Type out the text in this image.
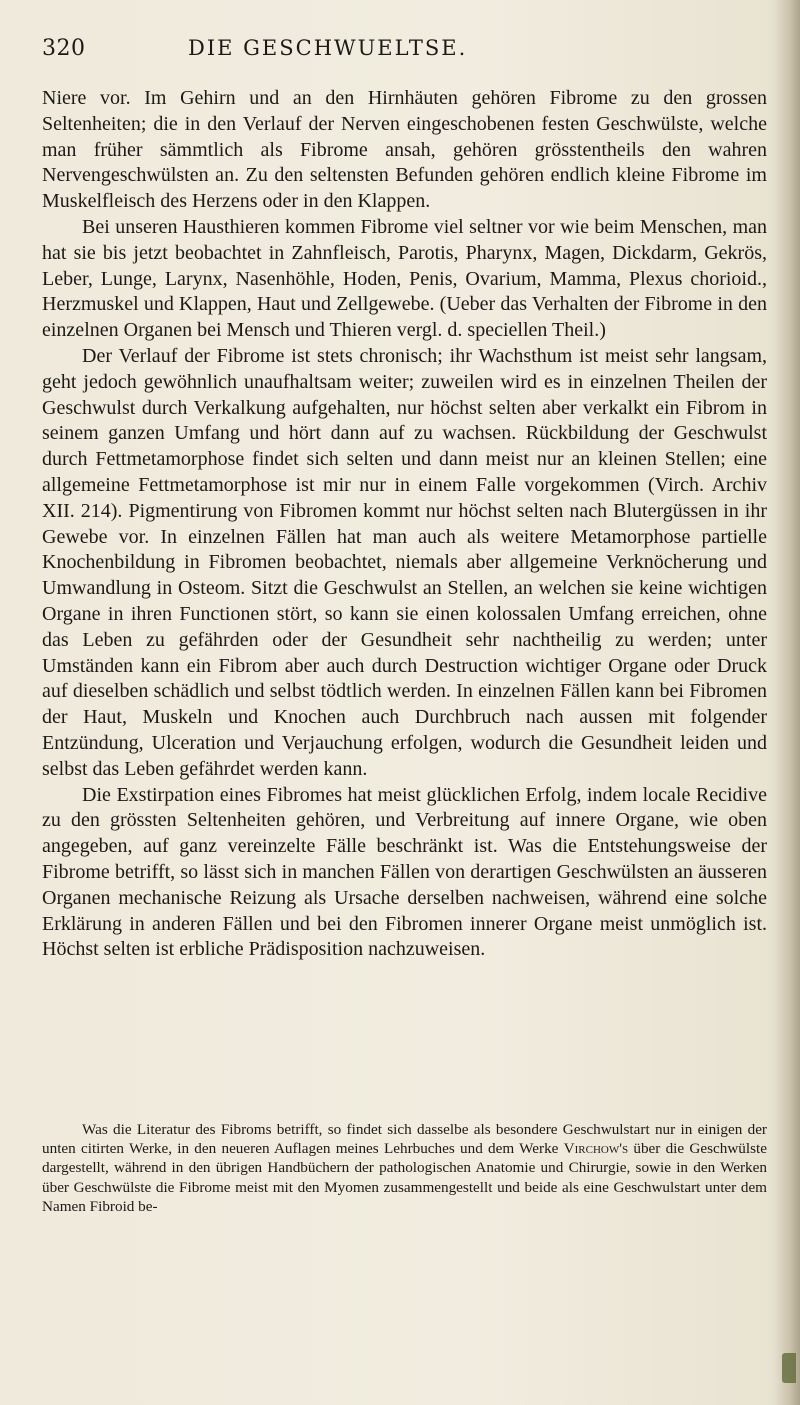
320	DIE GESCHWUELTSE.

Niere vor. Im Gehirn und an den Hirnhäuten gehören Fibrome zu den grossen Seltenheiten; die in den Verlauf der Nerven eingeschobenen festen Geschwülste, welche man früher sämmtlich als Fibrome ansah, gehören grösstentheils den wahren Nervengeschwülsten an. Zu den seltensten Befunden gehören endlich kleine Fibrome im Muskelfleisch des Herzens oder in den Klappen.

Bei unseren Hausthieren kommen Fibrome viel seltner vor wie beim Menschen, man hat sie bis jetzt beobachtet in Zahnfleisch, Parotis, Pharynx, Magen, Dickdarm, Gekrös, Leber, Lunge, Larynx, Nasenhöhle, Hoden, Penis, Ovarium, Mamma, Plexus chorioid., Herzmuskel und Klappen, Haut und Zellgewebe. (Ueber das Verhalten der Fibrome in den einzelnen Organen bei Mensch und Thieren vergl. d. speciellen Theil.)

Der Verlauf der Fibrome ist stets chronisch; ihr Wachsthum ist meist sehr langsam, geht jedoch gewöhnlich unaufhaltsam weiter; zuweilen wird es in einzelnen Theilen der Geschwulst durch Verkalkung aufgehalten, nur höchst selten aber verkalkt ein Fibrom in seinem ganzen Umfang und hört dann auf zu wachsen. Rückbildung der Geschwulst durch Fettmetamorphose findet sich selten und dann meist nur an kleinen Stellen; eine allgemeine Fettmetamorphose ist mir nur in einem Falle vorgekommen (Virch. Archiv XII. 214). Pigmentirung von Fibromen kommt nur höchst selten nach Blutergüssen in ihr Gewebe vor. In einzelnen Fällen hat man auch als weitere Metamorphose partielle Knochenbildung in Fibromen beobachtet, niemals aber allgemeine Verknöcherung und Umwandlung in Osteom. Sitzt die Geschwulst an Stellen, an welchen sie keine wichtigen Organe in ihren Functionen stört, so kann sie einen kolossalen Umfang erreichen, ohne das Leben zu gefährden oder der Gesundheit sehr nachtheilig zu werden; unter Umständen kann ein Fibrom aber auch durch Destruction wichtiger Organe oder Druck auf dieselben schädlich und selbst tödtlich werden. In einzelnen Fällen kann bei Fibromen der Haut, Muskeln und Knochen auch Durchbruch nach aussen mit folgender Entzündung, Ulceration und Verjauchung erfolgen, wodurch die Gesundheit leiden und selbst das Leben gefährdet werden kann.

Die Exstirpation eines Fibromes hat meist glücklichen Erfolg, indem locale Recidive zu den grössten Seltenheiten gehören, und Verbreitung auf innere Organe, wie oben angegeben, auf ganz vereinzelte Fälle beschränkt ist. Was die Entstehungsweise der Fibrome betrifft, so lässt sich in manchen Fällen von derartigen Geschwülsten an äusseren Organen mechanische Reizung als Ursache derselben nachweisen, während eine solche Erklärung in anderen Fällen und bei den Fibromen innerer Organe meist unmöglich ist. Höchst selten ist erbliche Prädisposition nachzuweisen.

Was die Literatur des Fibroms betrifft, so findet sich dasselbe als besondere Geschwulstart nur in einigen der unten citirten Werke, in den neueren Auflagen meines Lehrbuches und dem Werke Virchow's über die Geschwülste dargestellt, während in den übrigen Handbüchern der pathologischen Anatomie und Chirurgie, sowie in den Werken über Geschwülste die Fibrome meist mit den Myomen zusammengestellt und beide als eine Geschwulstart unter dem Namen Fibroid be-
